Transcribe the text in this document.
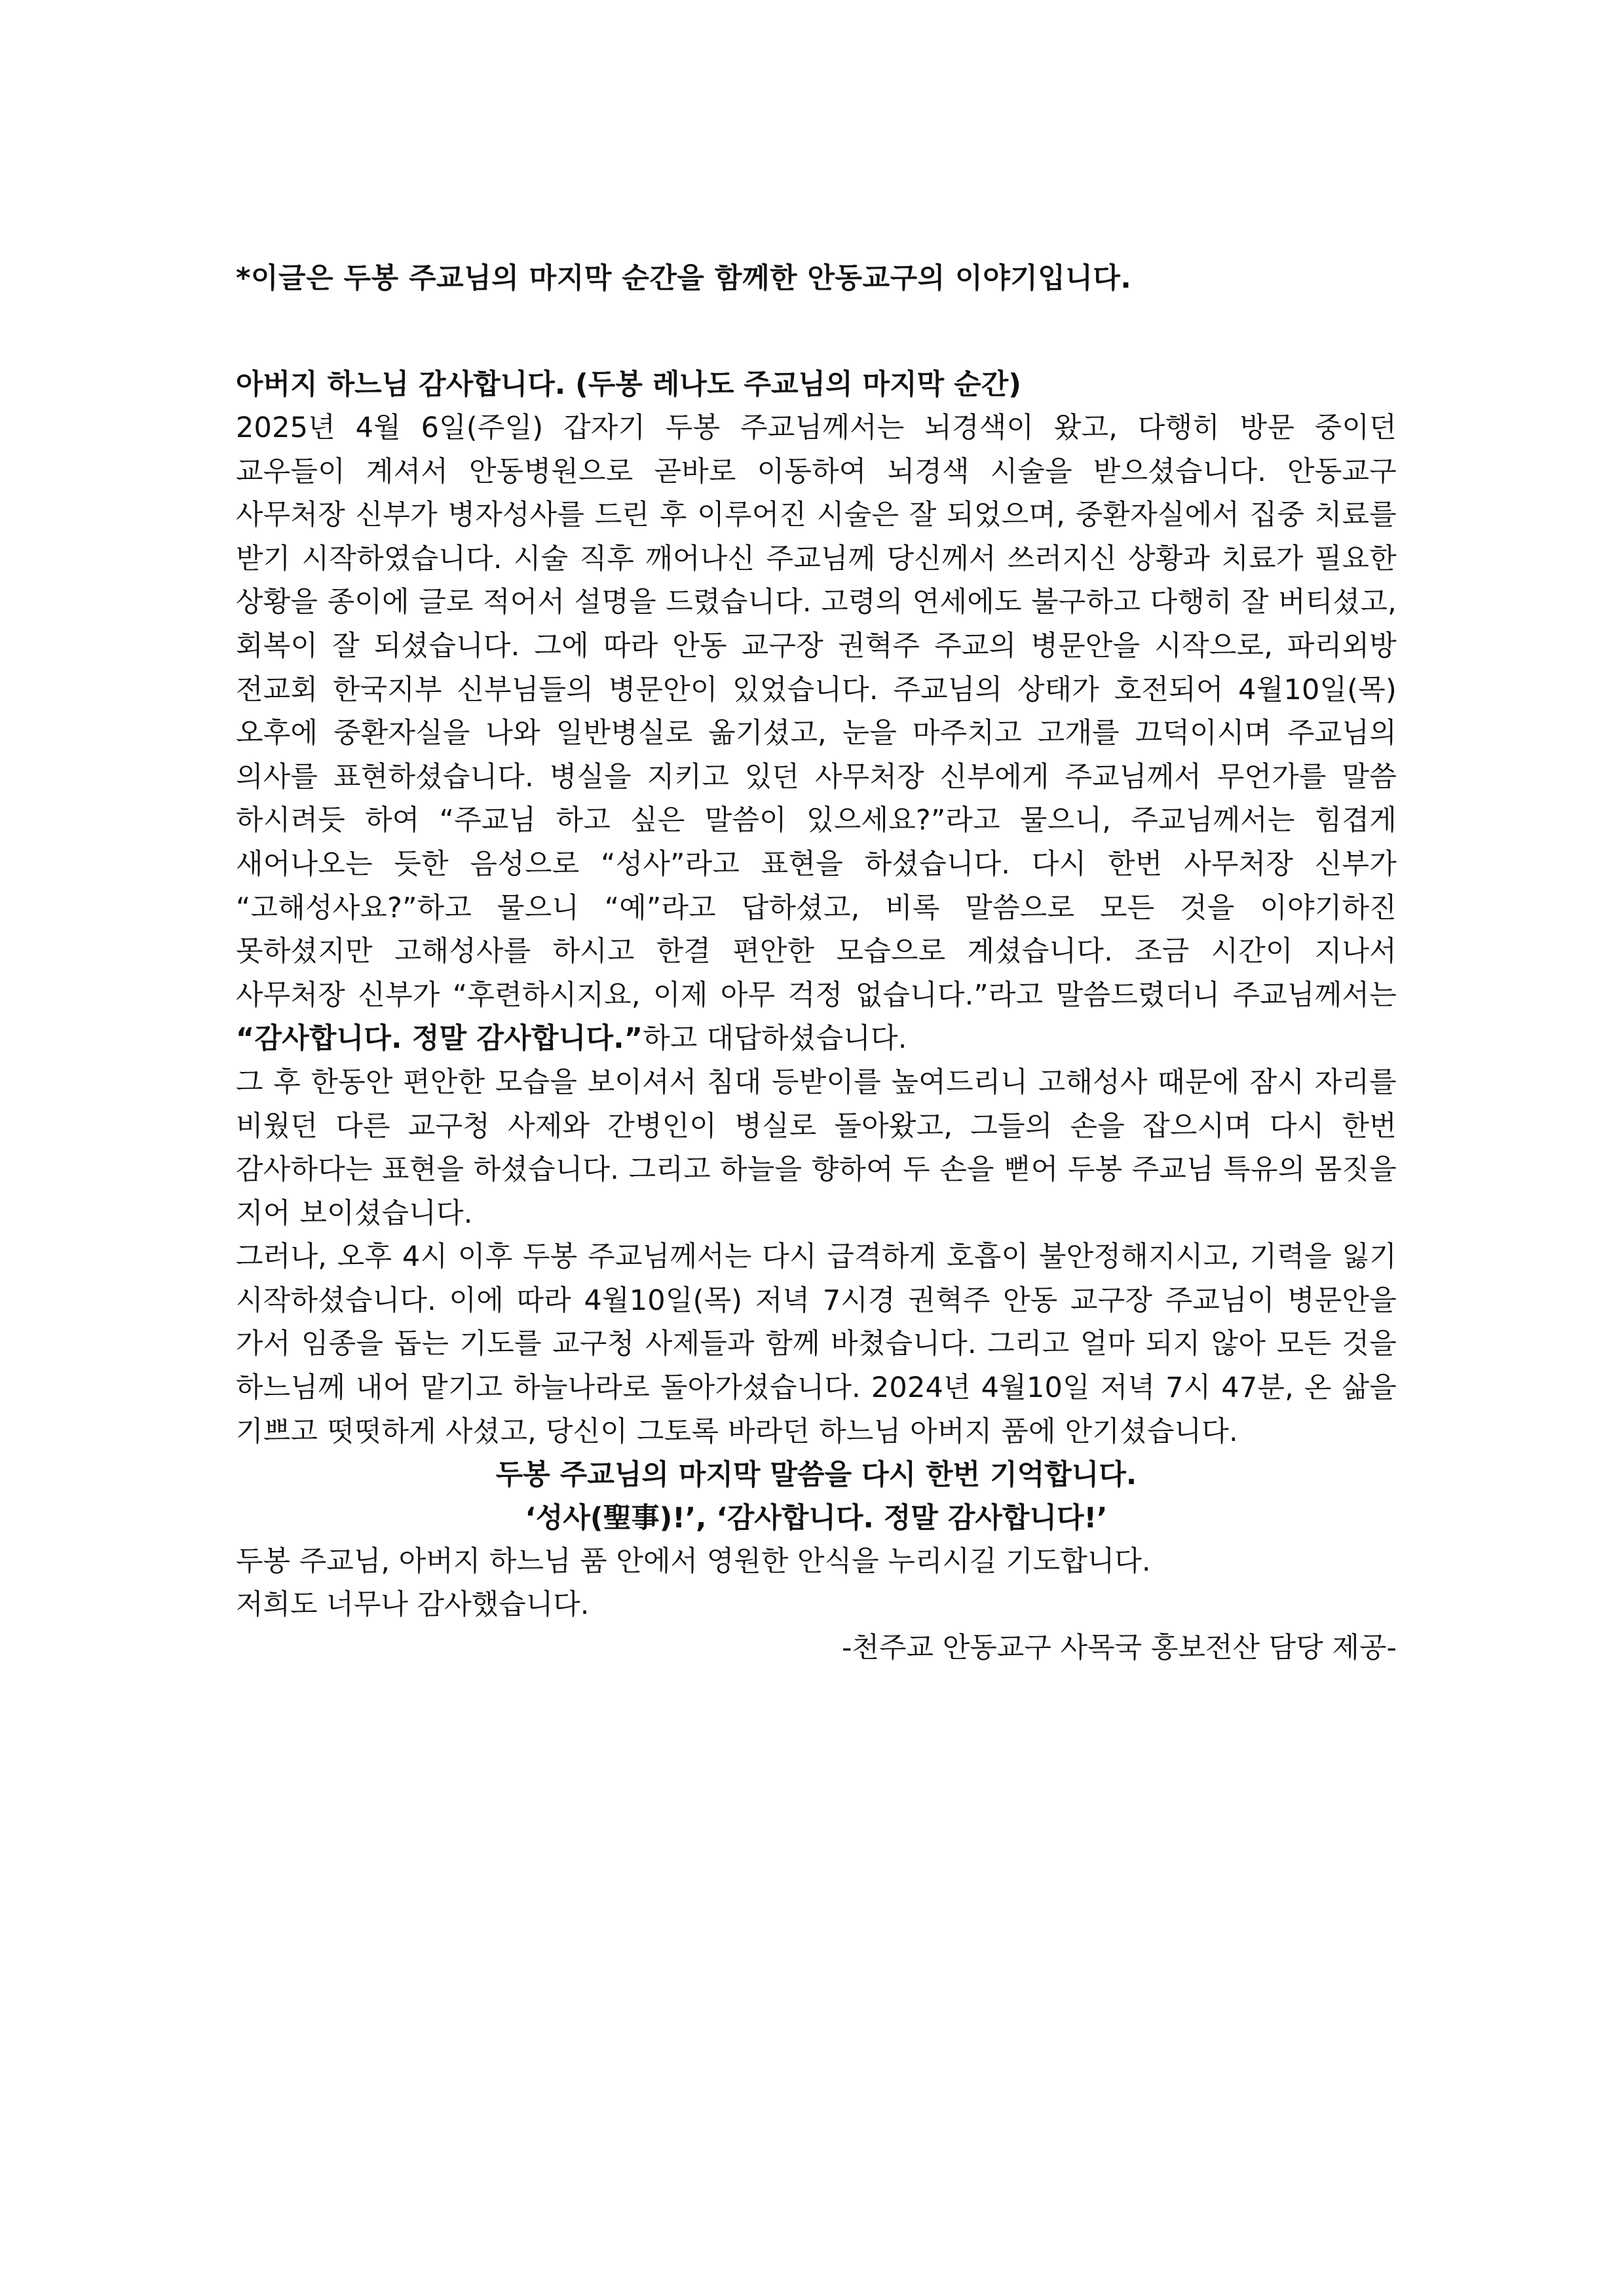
*이글은 두봉 주교님의 마지막 순간을 함께한 안동교구의 이야기입니다.

아버지 하느님 감사합니다. (두봉 레나도 주교님의 마지막 순간)

2025년 4월 6일(주일) 갑자기 두봉 주교님께서는 뇌경색이 왔고, 다행히 방문 중이던 교우들이 계셔서 안동병원으로 곧바로 이동하여 뇌경색 시술을 받으셨습니다. 안동교구 사무처장 신부가 병자성사를 드린 후 이루어진 시술은 잘 되었으며, 중환자실에서 집중 치료를 받기 시작하였습니다. 시술 직후 깨어나신 주교님께 당신께서 쓰러지신 상황과 치료가 필요한 상황을 종이에 글로 적어서 설명을 드렸습니다. 고령의 연세에도 불구하고 다행히 잘 버티셨고, 회복이 잘 되셨습니다. 그에 따라 안동 교구장 권혁주 주교의 병문안을 시작으로, 파리외방 전교회 한국지부 신부님들의 병문안이 있었습니다. 주교님의 상태가 호전되어 4월10일(목) 오후에 중환자실을 나와 일반병실로 옮기셨고, 눈을 마주치고 고개를 끄덕이시며 주교님의 의사를 표현하셨습니다. 병실을 지키고 있던 사무처장 신부에게 주교님께서 무언가를 말씀 하시려듯 하여 “주교님 하고 싶은 말씀이 있으세요?”라고 물으니, 주교님께서는 힘겹게 새어나오는 듯한 음성으로 “성사”라고 표현을 하셨습니다. 다시 한번 사무처장 신부가 “고해성사요?”하고 물으니 “예”라고 답하셨고, 비록 말씀으로 모든 것을 이야기하진 못하셨지만 고해성사를 하시고 한결 편안한 모습으로 계셨습니다. 조금 시간이 지나서 사무처장 신부가 “후련하시지요, 이제 아무 걱정 없습니다.”라고 말씀드렸더니 주교님께서는 “감사합니다. 정말 감사합니다.”하고 대답하셨습니다.

그 후 한동안 편안한 모습을 보이셔서 침대 등받이를 높여드리니 고해성사 때문에 잠시 자리를 비웠던 다른 교구청 사제와 간병인이 병실로 돌아왔고, 그들의 손을 잡으시며 다시 한번 감사하다는 표현을 하셨습니다. 그리고 하늘을 향하여 두 손을 뻗어 두봉 주교님 특유의 몸짓을 지어 보이셨습니다.

그러나, 오후 4시 이후 두봉 주교님께서는 다시 급격하게 호흡이 불안정해지시고, 기력을 잃기 시작하셨습니다. 이에 따라 4월10일(목) 저녁 7시경 권혁주 안동 교구장 주교님이 병문안을 가서 임종을 돕는 기도를 교구청 사제들과 함께 바쳤습니다. 그리고 얼마 되지 않아 모든 것을 하느님께 내어 맡기고 하늘나라로 돌아가셨습니다. 2024년 4월10일 저녁 7시 47분, 온 삶을 기쁘고 떳떳하게 사셨고, 당신이 그토록 바라던 하느님 아버지 품에 안기셨습니다.

두봉 주교님의 마지막 말씀을 다시 한번 기억합니다.

‘성사(聖事)!’, ‘감사합니다. 정말 감사합니다!’

두봉 주교님, 아버지 하느님 품 안에서 영원한 안식을 누리시길 기도합니다.

저희도 너무나 감사했습니다.

-천주교 안동교구 사목국 홍보전산 담당 제공-
